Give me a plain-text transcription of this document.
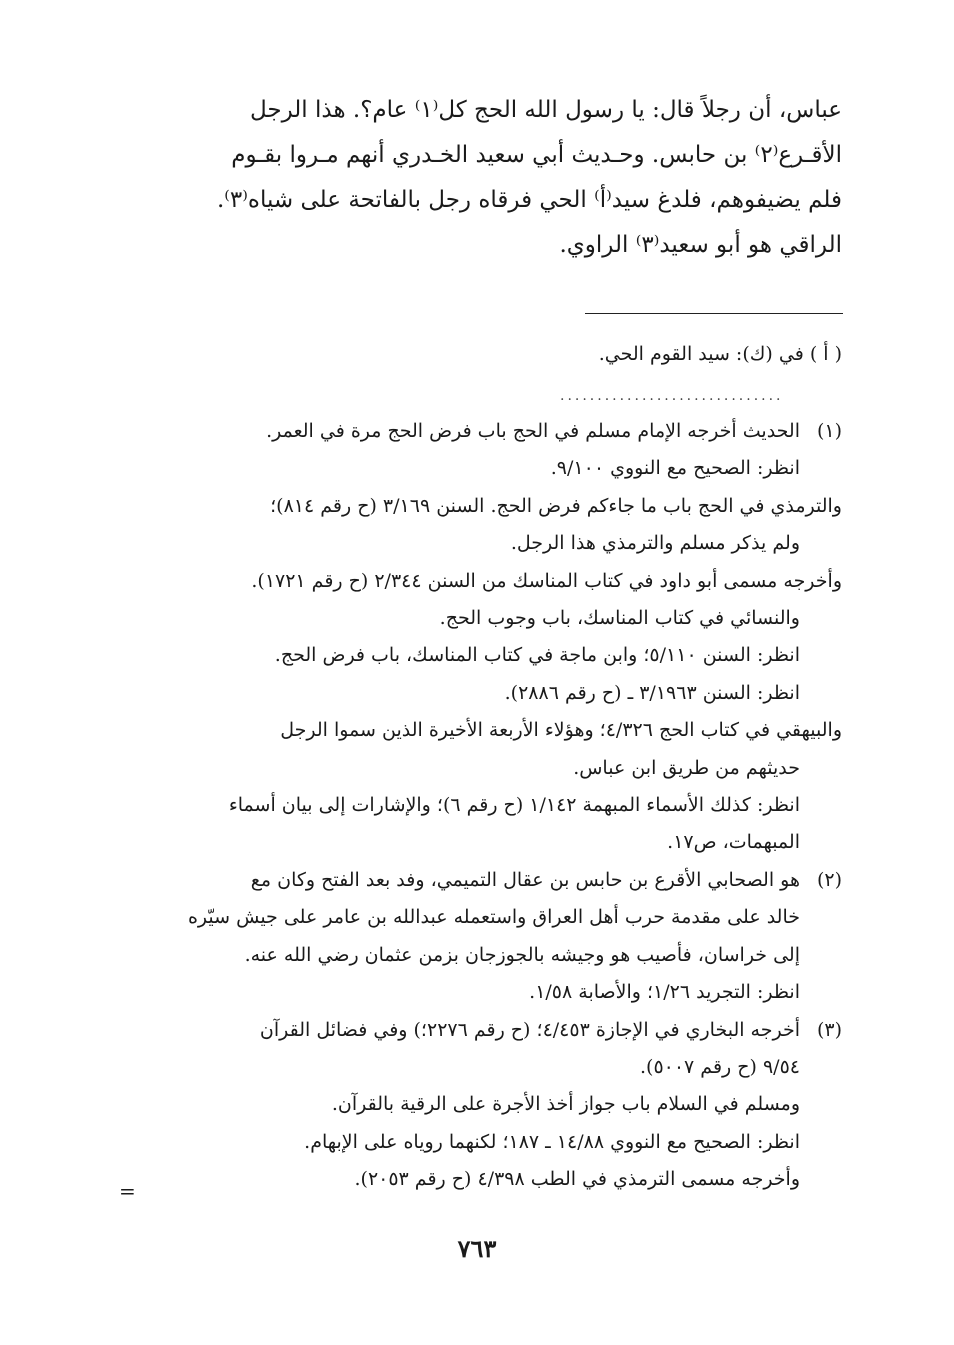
عباس، أن رجلاً قال: يا رسول الله الحج كل⁽١⁾ عام؟. هذا الرجل

الأقـرع⁽٢⁾ بن حابس. وحـديث أبي سعيد الخـدري أنهم مـروا بقـوم

فلم يضيفوهم، فلدغ سيد⁽أ⁾ الحي فرقاه رجل بالفاتحة على شياه⁽٣⁾.

الراقي هو أبو سعيد⁽٣⁾ الراوي.

( أ ) في (ك): سيد القوم الحي.
..............................
(١)
الحديث أخرجه الإمام مسلم في الحج باب فرض الحج مرة في العمر.
انظر: الصحيح مع النووي ٩/١٠٠.
والترمذي في الحج باب ما جاءكم فرض الحج. السنن ٣/١٦٩ (ح رقم ٨١٤)؛
ولم يذكر مسلم والترمذي هذا الرجل.
وأخرجه مسمى أبو داود في كتاب المناسك من السنن ٢/٣٤٤ (ح رقم ١٧٢١).
والنسائي في كتاب المناسك، باب وجوب الحج.
انظر: السنن ٥/١١٠؛ وابن ماجة في كتاب المناسك، باب فرض الحج.
انظر: السنن ٣/١٩٦٣ ـ (ح رقم ٢٨٨٦).
والبيهقي في كتاب الحج ٤/٣٢٦؛ وهؤلاء الأربعة الأخيرة الذين سموا الرجل
حديثهم من طريق ابن عباس.
انظر: كذلك الأسماء المبهمة ١/١٤٢ (ح رقم ٦)؛ والإشارات إلى بيان أسماء
المبهمات، ص١٧.
(٢)
هو الصحابي الأقرع بن حابس بن عقال التميمي، وفد بعد الفتح وكان مع
خالد على مقدمة حرب أهل العراق واستعمله عبدالله بن عامر على جيش سيّره
إلى خراسان، فأصيب هو وجيشه بالجوزجان بزمن عثمان رضي الله عنه.
انظر: التجريد ١/٢٦؛ والأصابة ١/٥٨.
(٣)
أخرجه البخاري في الإجازة ٤/٤٥٣؛ (ح رقم ٢٢٧٦؛) وفي فضائل القرآن
٩/٥٤ (ح رقم ٥٠٠٧).
ومسلم في السلام باب جواز أخذ الأجرة على الرقية بالقرآن.
انظر: الصحيح مع النووي ١٤/٨٨ ـ ١٨٧؛ لكنهما روياه على الإبهام.
وأخرجه مسمى الترمذي في الطب ٤/٣٩٨ (ح رقم ٢٠٥٣).
=
٧٦٣
